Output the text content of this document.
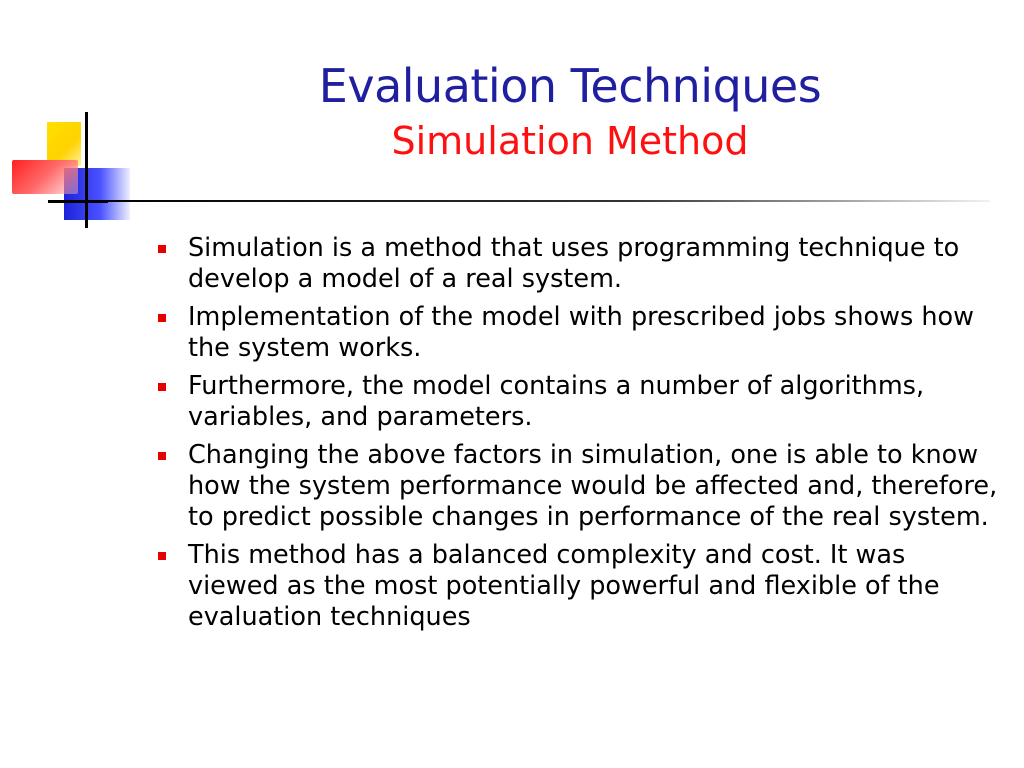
Evaluation Techniques
Simulation Method
Simulation is a method that uses programming technique to develop a model of a real system.
Implementation of the model with prescribed jobs shows how the system works.
Furthermore, the model contains a number of algorithms, variables, and parameters.
Changing the above factors in simulation, one is able to know how the system performance would be affected and, therefore, to predict possible changes in performance of the real system.
This method has a balanced complexity and cost. It was viewed as the most potentially powerful and flexible of the evaluation techniques
